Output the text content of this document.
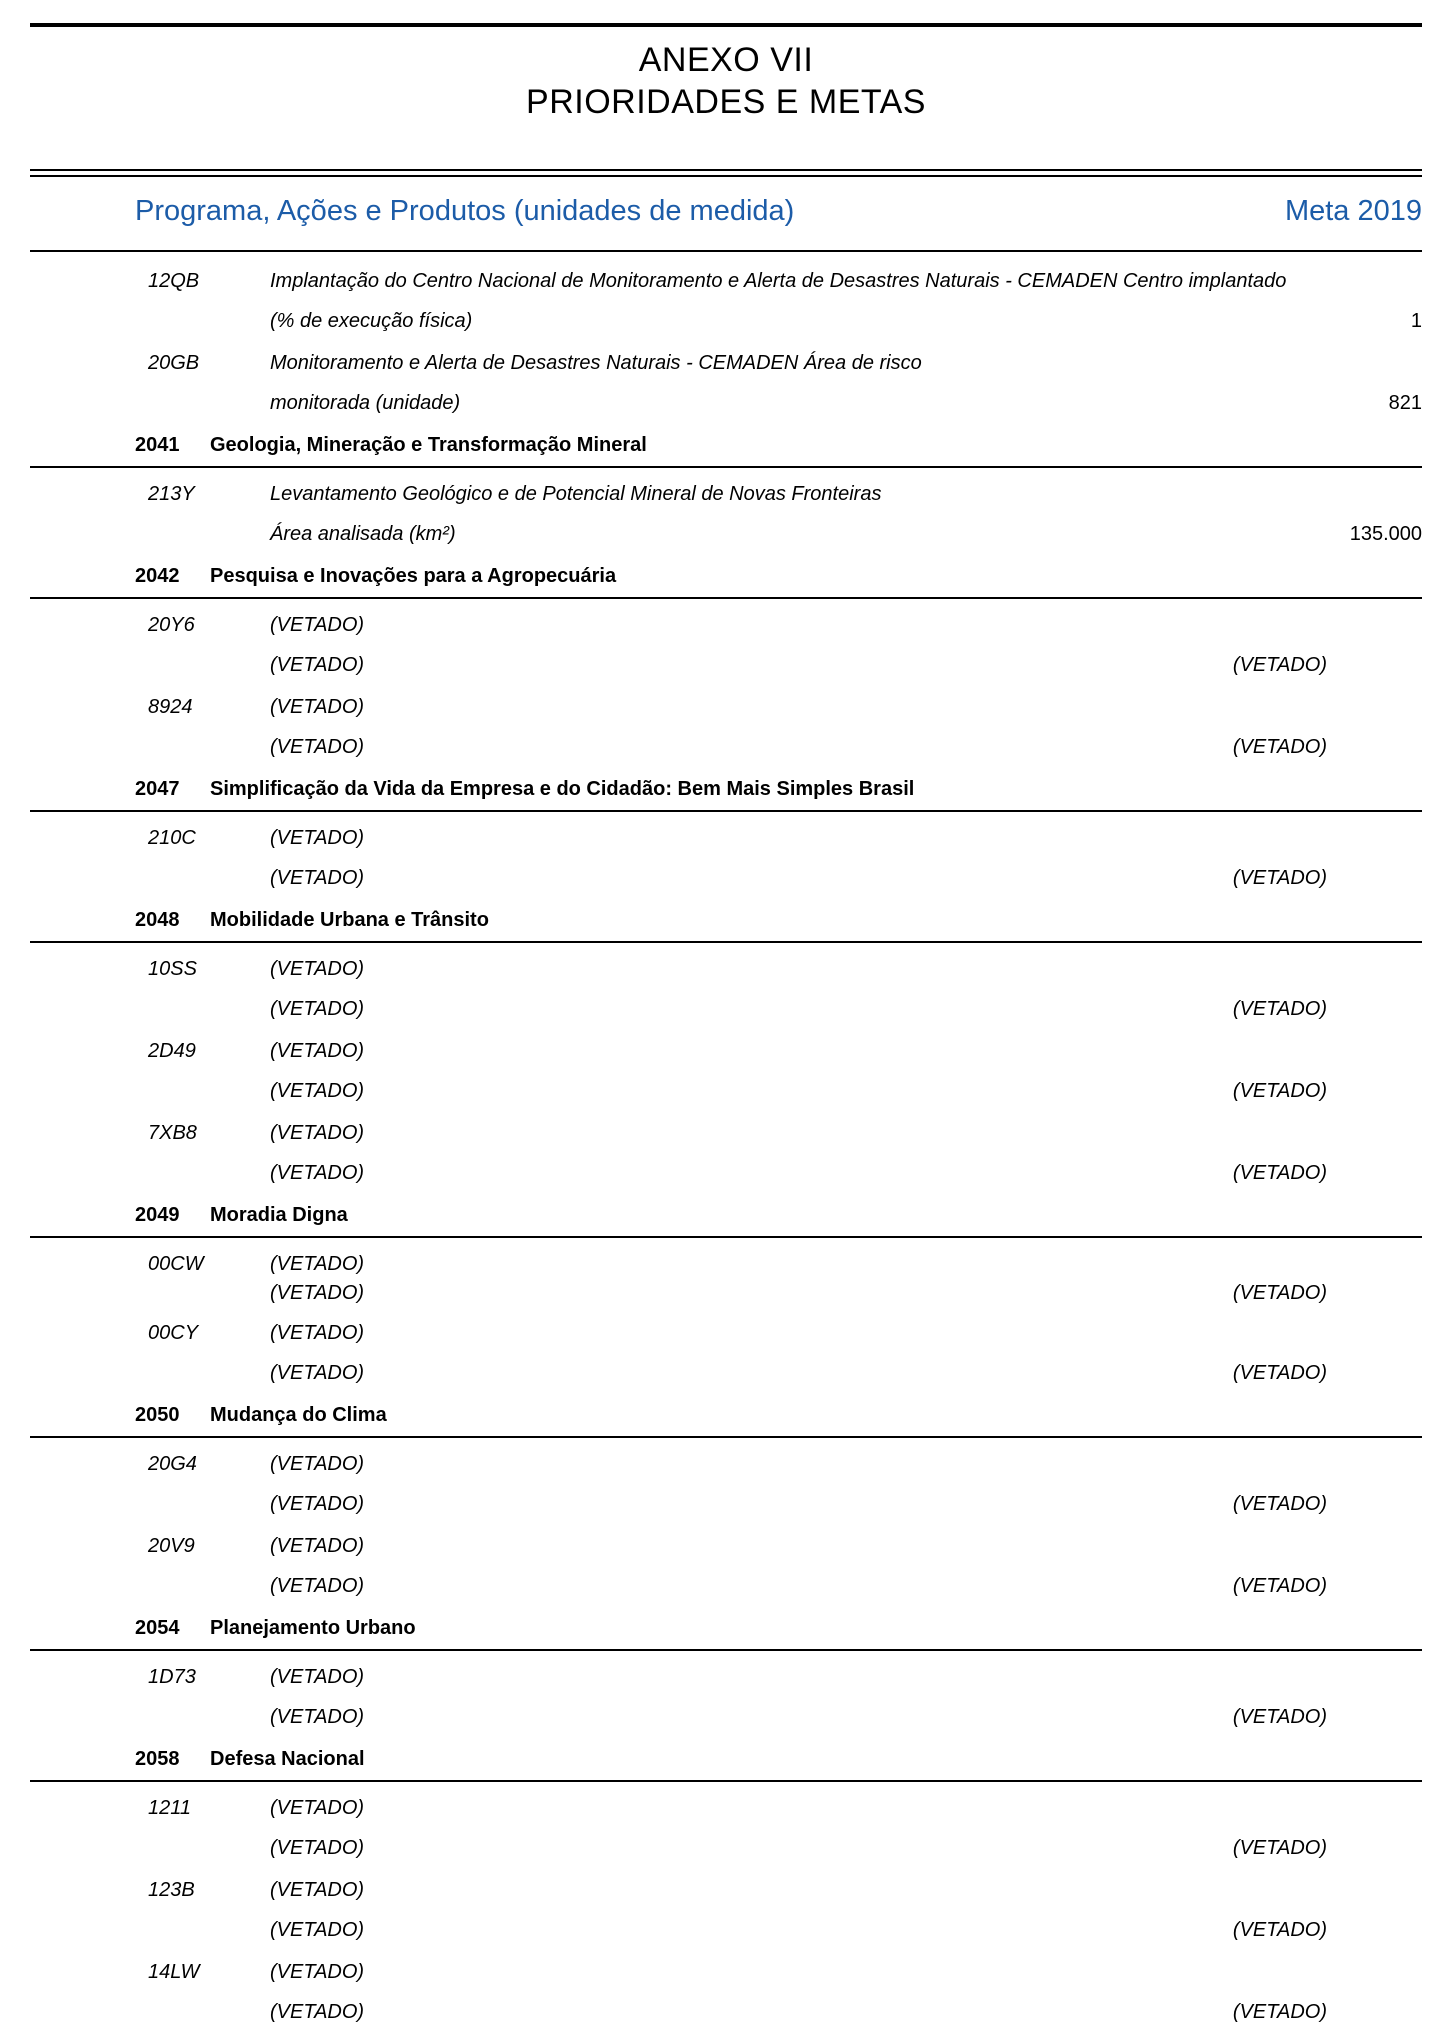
ANEXO VII
PRIORIDADES E METAS
Programa, Ações e Produtos (unidades de medida)	Meta 2019
12QB	Implantação do Centro Nacional de Monitoramento e Alerta de Desastres Naturais - CEMADEN Centro implantado
(% de execução física)	1
20GB	Monitoramento e Alerta de Desastres Naturais - CEMADEN Área de risco
monitorada (unidade)	821
2041	Geologia, Mineração e Transformação Mineral
213Y	Levantamento Geológico e de Potencial Mineral de Novas Fronteiras
Área analisada (km²)	135.000
2042	Pesquisa e Inovações para a Agropecuária
20Y6	(VETADO)
(VETADO)	(VETADO)
8924	(VETADO)
(VETADO)	(VETADO)
2047	Simplificação da Vida da Empresa e do Cidadão: Bem Mais Simples Brasil
210C	(VETADO)
(VETADO)	(VETADO)
2048	Mobilidade Urbana e Trânsito
10SS	(VETADO)
(VETADO)	(VETADO)
2D49	(VETADO)
(VETADO)	(VETADO)
7XB8	(VETADO)
(VETADO)	(VETADO)
2049	Moradia Digna
00CW	(VETADO)
(VETADO)	(VETADO)
00CY	(VETADO)
(VETADO)	(VETADO)
2050	Mudança do Clima
20G4	(VETADO)
(VETADO)	(VETADO)
20V9	(VETADO)
(VETADO)	(VETADO)
2054	Planejamento Urbano
1D73	(VETADO)
(VETADO)	(VETADO)
2058	Defesa Nacional
1211	(VETADO)
(VETADO)	(VETADO)
123B	(VETADO)
(VETADO)	(VETADO)
14LW	(VETADO)
(VETADO)	(VETADO)
